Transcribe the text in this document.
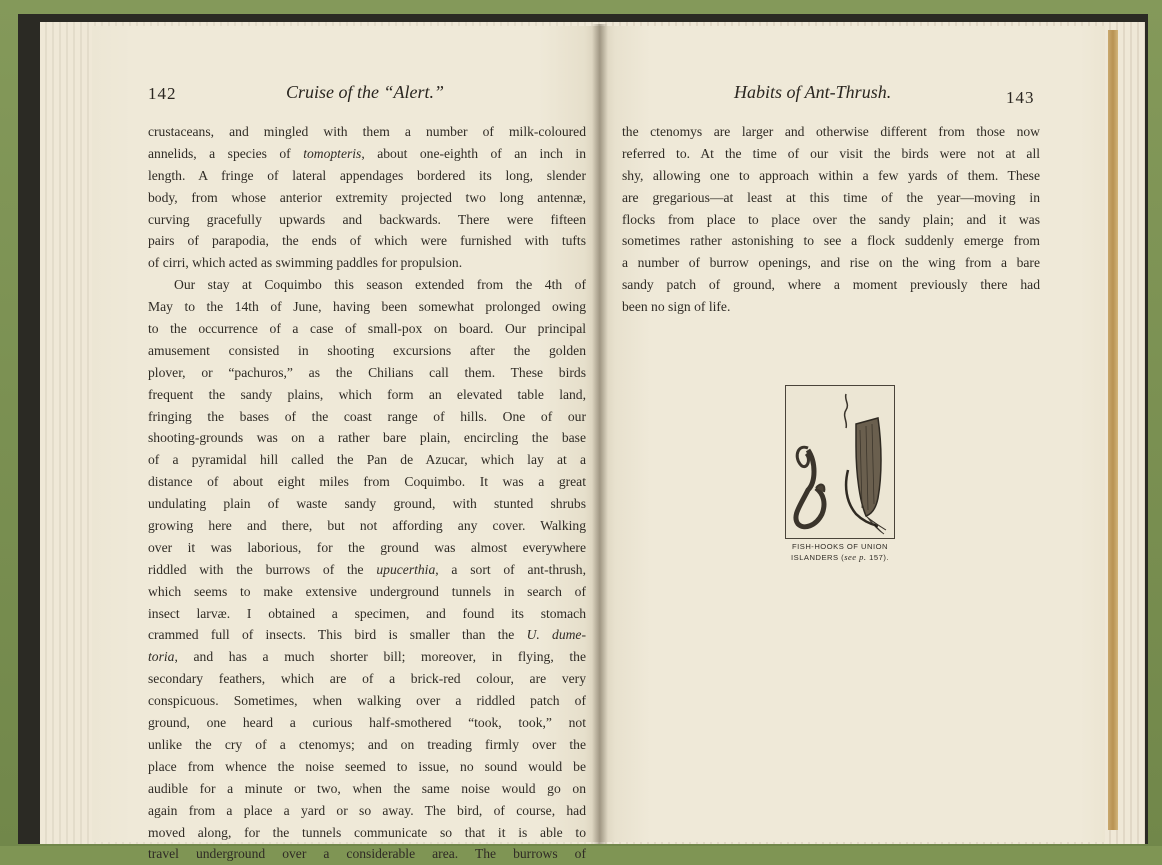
142	Cruise of the “Alert.”
crustaceans, and mingled with them a number of milk-coloured
annelids, a species of tomopteris, about one-eighth of an inch in
length. A fringe of lateral appendages bordered its long, slender
body, from whose anterior extremity projected two long antennæ,
curving gracefully upwards and backwards. There were fifteen
pairs of parapodia, the ends of which were furnished with tufts
of cirri, which acted as swimming paddles for propulsion.
Our stay at Coquimbo this season extended from the 4th of
May to the 14th of June, having been somewhat prolonged owing
to the occurrence of a case of small-pox on board. Our principal
amusement consisted in shooting excursions after the golden
plover, or “pachuros,” as the Chilians call them. These birds
frequent the sandy plains, which form an elevated table land,
fringing the bases of the coast range of hills. One of our
shooting-grounds was on a rather bare plain, encircling the base
of a pyramidal hill called the Pan de Azucar, which lay at a
distance of about eight miles from Coquimbo. It was a great
undulating plain of waste sandy ground, with stunted shrubs
growing here and there, but not affording any cover. Walking
over it was laborious, for the ground was almost everywhere
riddled with the burrows of the upucerthia, a sort of ant-thrush,
which seems to make extensive underground tunnels in search of
insect larvæ. I obtained a specimen, and found its stomach
crammed full of insects. This bird is smaller than the U. dume-
toria, and has a much shorter bill; moreover, in flying, the
secondary feathers, which are of a brick-red colour, are very
conspicuous. Sometimes, when walking over a riddled patch of
ground, one heard a curious half-smothered “took, took,” not
unlike the cry of a ctenomys; and on treading firmly over the
place from whence the noise seemed to issue, no sound would be
audible for a minute or two, when the same noise would go on
again from a place a yard or so away. The bird, of course, had
moved along, for the tunnels communicate so that it is able to
travel underground over a considerable area. The burrows of
Habits of Ant-Thrush.	143
the ctenomys are larger and otherwise different from those now
referred to. At the time of our visit the birds were not at all
shy, allowing one to approach within a few yards of them. These
are gregarious—at least at this time of the year—moving in
flocks from place to place over the sandy plain; and it was
sometimes rather astonishing to see a flock suddenly emerge from
a number of burrow openings, and rise on the wing from a bare
sandy patch of ground, where a moment previously there had
been no sign of life.
FISH-HOOKS OF UNION
ISLANDERS (see p. 157).
